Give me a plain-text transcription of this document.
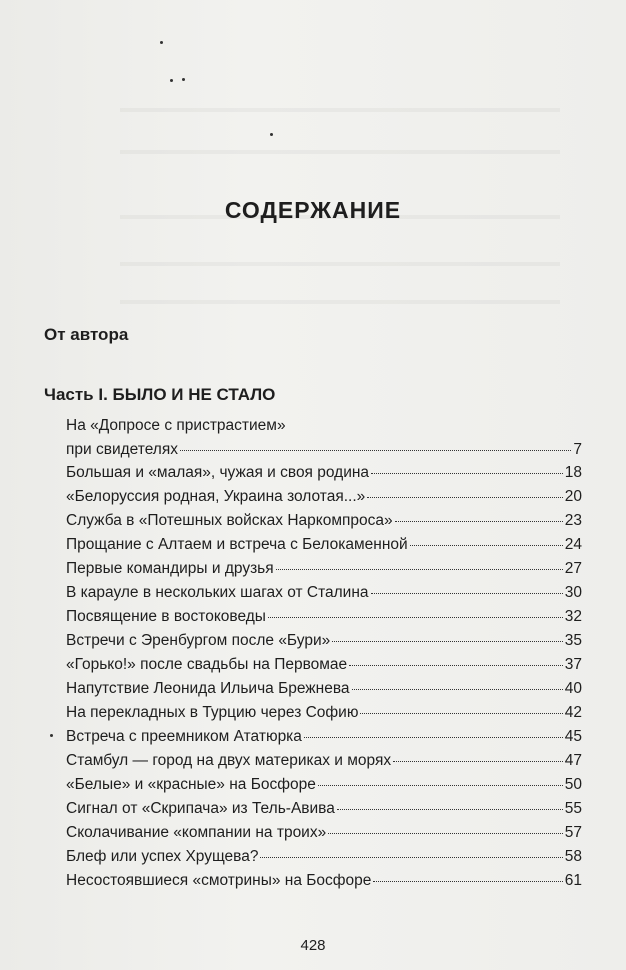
СОДЕРЖАНИЕ
От автора
Часть I. БЫЛО И НЕ СТАЛО
На «Допросе с пристрастием»
при свидетелях	7
Большая и «малая», чужая и своя родина	18
«Белоруссия родная, Украина золотая...»	20
Служба в «Потешных войсках Наркомпроса»	23
Прощание с Алтаем и встреча с Белокаменной	24
Первые командиры и друзья	27
В карауле в нескольких шагах от Сталина	30
Посвящение в востоковеды	32
Встречи с Эренбургом после «Бури»	35
«Горько!» после свадьбы на Первомае	37
Напутствие Леонида Ильича Брежнева	40
На перекладных в Турцию через Софию	42
Встреча с преемником Ататюрка	45
Стамбул — город на двух материках и морях	47
«Белые» и «красные» на Босфоре	50
Сигнал от «Скрипача» из Тель-Авива	55
Сколачивание «компании на троих»	57
Блеф или успех Хрущева?	58
Несостоявшиеся «смотрины» на Босфоре	61
428
